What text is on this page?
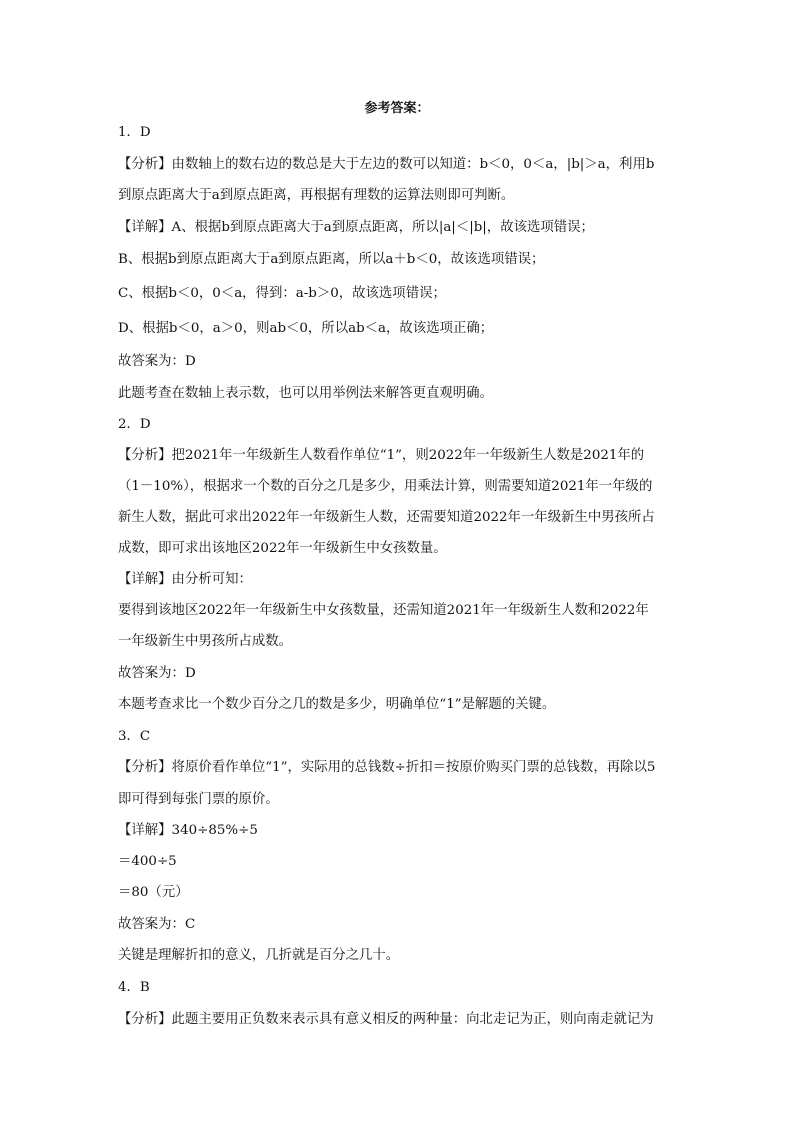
参考答案：
1．D
【分析】由数轴上的数右边的数总是大于左边的数可以知道：b＜0，0＜a，|b|＞a，利用b
到原点距离大于a到原点距离，再根据有理数的运算法则即可判断。
【详解】A、根据b到原点距离大于a到原点距离，所以|a|＜|b|，故该选项错误；
B、根据b到原点距离大于a到原点距离，所以a＋b＜0，故该选项错误；
C、根据b＜0，0＜a，得到：a-b＞0，故该选项错误；
D、根据b＜0，a＞0，则ab＜0，所以ab＜a，故该选项正确；
故答案为：D
此题考查在数轴上表示数，也可以用举例法来解答更直观明确。
2．D
【分析】把2021年一年级新生人数看作单位“1”，则2022年一年级新生人数是2021年的
（1－10%），根据求一个数的百分之几是多少，用乘法计算，则需要知道2021年一年级的
新生人数，据此可求出2022年一年级新生人数，还需要知道2022年一年级新生中男孩所占
成数，即可求出该地区2022年一年级新生中女孩数量。
【详解】由分析可知：
要得到该地区2022年一年级新生中女孩数量，还需知道2021年一年级新生人数和2022年
一年级新生中男孩所占成数。
故答案为：D
本题考查求比一个数少百分之几的数是多少，明确单位“1”是解题的关键。
3．C
【分析】将原价看作单位“1”，实际用的总钱数÷折扣＝按原价购买门票的总钱数，再除以5
即可得到每张门票的原价。
【详解】340÷85%÷5
＝400÷5
＝80（元）
故答案为：C
关键是理解折扣的意义，几折就是百分之几十。
4．B
【分析】此题主要用正负数来表示具有意义相反的两种量：向北走记为正，则向南走就记为
